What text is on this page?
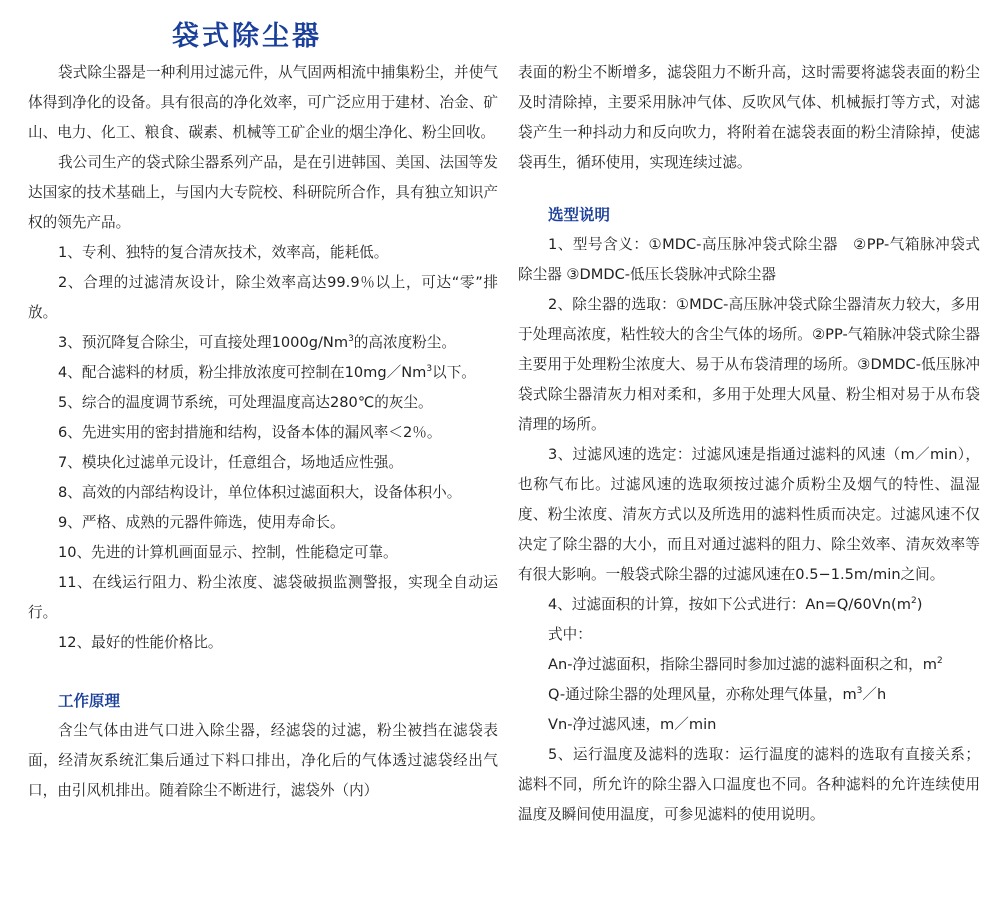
袋式除尘器

袋式除尘器是一种利用过滤元件，从气固两相流中捕集粉尘，并使气体得到净化的设备。具有很高的净化效率，可广泛应用于建材、冶金、矿山、电力、化工、粮食、碳素、机械等工矿企业的烟尘净化、粉尘回收。

我公司生产的袋式除尘器系列产品，是在引进韩国、美国、法国等发达国家的技术基础上，与国内大专院校、科研院所合作，具有独立知识产权的领先产品。

1、专利、独特的复合清灰技术，效率高，能耗低。

2、合理的过滤清灰设计，除尘效率高达99.9％以上，可达“零”排放。

3、预沉降复合除尘，可直接处理1000g/Nm$^3$的高浓度粉尘。

4、配合滤料的材质，粉尘排放浓度可控制在10mg／Nm$^3$以下。

5、综合的温度调节系统，可处理温度高达280℃的灰尘。

6、先进实用的密封措施和结构，设备本体的漏风率＜2％。

7、模块化过滤单元设计，任意组合，场地适应性强。

8、高效的内部结构设计，单位体积过滤面积大，设备体积小。

9、严格、成熟的元器件筛选，使用寿命长。

10、先进的计算机画面显示、控制，性能稳定可靠。

11、在线运行阻力、粉尘浓度、滤袋破损监测警报，实现全自动运行。

12、最好的性能价格比。

工作原理

含尘气体由进气口进入除尘器，经滤袋的过滤，粉尘被挡在滤袋表面，经清灰系统汇集后通过下料口排出，净化后的气体透过滤袋经出气口，由引风机排出。随着除尘不断进行，滤袋外（内）

表面的粉尘不断增多，滤袋阻力不断升高，这时需要将滤袋表面的粉尘及时清除掉，主要采用脉冲气体、反吹风气体、机械振打等方式，对滤袋产生一种抖动力和反向吹力，将附着在滤袋表面的粉尘清除掉，使滤袋再生，循环使用，实现连续过滤。

选型说明

1、型号含义：①MDC-高压脉冲袋式除尘器　②PP-气箱脉冲袋式除尘器 ③DMDC-低压长袋脉冲式除尘器

2、除尘器的选取：①MDC-高压脉冲袋式除尘器清灰力较大，多用于处理高浓度，粘性较大的含尘气体的场所。②PP-气箱脉冲袋式除尘器主要用于处理粉尘浓度大、易于从布袋清理的场所。③DMDC-低压脉冲袋式除尘器清灰力相对柔和，多用于处理大风量、粉尘相对易于从布袋清理的场所。

3、过滤风速的选定：过滤风速是指通过滤料的风速（m／min），也称气布比。过滤风速的选取须按过滤介质粉尘及烟气的特性、温湿度、粉尘浓度、清灰方式以及所选用的滤料性质而决定。过滤风速不仅决定了除尘器的大小，而且对通过滤料的阻力、除尘效率、清灰效率等有很大影响。一般袋式除尘器的过滤风速在0.5−1.5m/min之间。

4、过滤面积的计算，按如下公式进行：$An=Q/60Vn(m^2)$

式中：

An-净过滤面积，指除尘器同时参加过滤的滤料面积之和，$m^2$

Q-通过除尘器的处理风量，亦称处理气体量，$m^3/h$

Vn-净过滤风速，m／min

5、运行温度及滤料的选取：运行温度的滤料的选取有直接关系；滤料不同，所允许的除尘器入口温度也不同。各种滤料的允许连续使用温度及瞬间使用温度，可参见滤料的使用说明。
